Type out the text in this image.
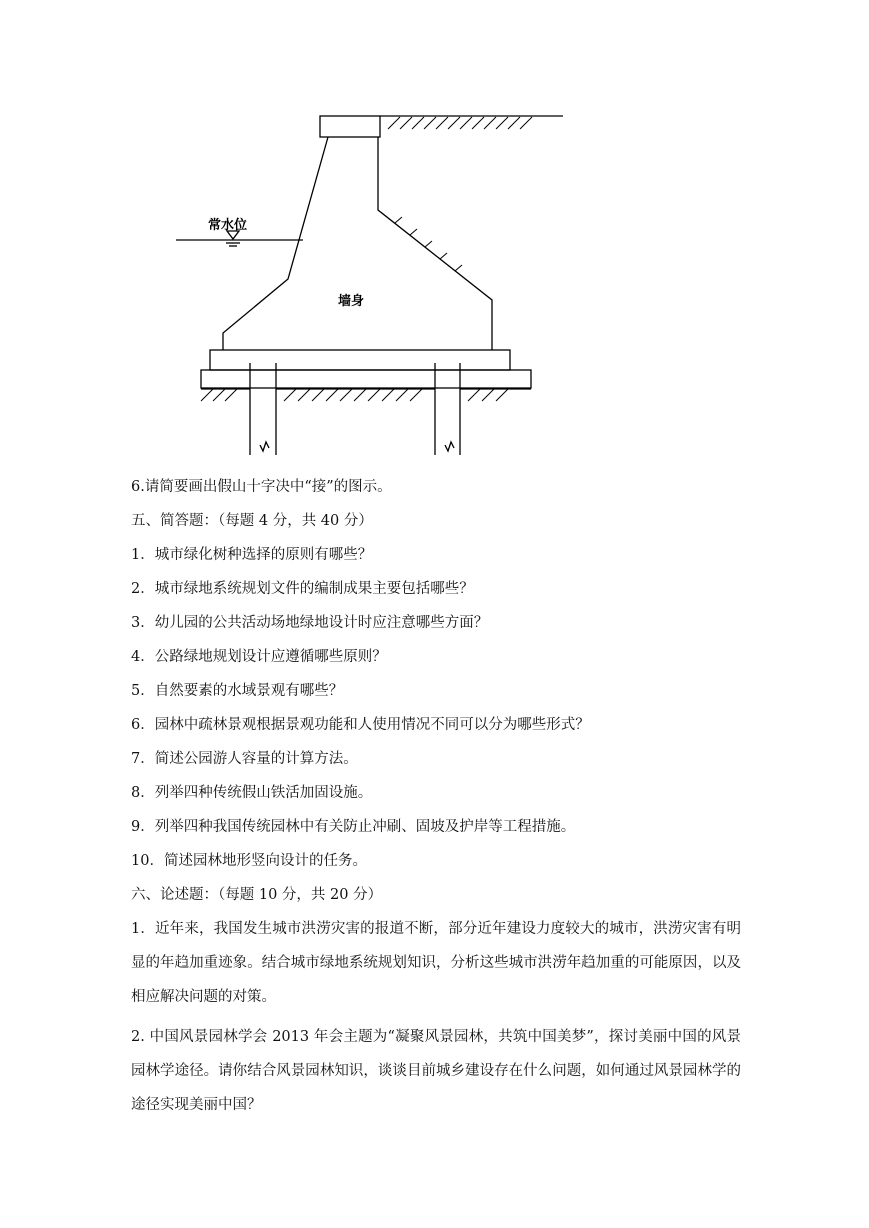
常水位
墙身
6.请简要画出假山十字决中“接”的图示。
五、简答题：（每题 4 分，共 40 分）
1．城市绿化树种选择的原则有哪些？
2．城市绿地系统规划文件的编制成果主要包括哪些？
3．幼儿园的公共活动场地绿地设计时应注意哪些方面？
4．公路绿地规划设计应遵循哪些原则？
5．自然要素的水域景观有哪些？
6．园林中疏林景观根据景观功能和人使用情况不同可以分为哪些形式？
7．简述公园游人容量的计算方法。
8．列举四种传统假山铁活加固设施。
9．列举四种我国传统园林中有关防止冲刷、固坡及护岸等工程措施。
10．简述园林地形竖向设计的任务。
六、论述题：（每题 10 分，共 20 分）
1．近年来，我国发生城市洪涝灾害的报道不断，部分近年建设力度较大的城市，洪涝灾害有明显的年趋加重迹象。结合城市绿地系统规划知识，分析这些城市洪涝年趋加重的可能原因，以及相应解决问题的对策。
2. 中国风景园林学会 2013 年会主题为“凝聚风景园林，共筑中国美梦”，探讨美丽中国的风景园林学途径。请你结合风景园林知识，谈谈目前城乡建设存在什么问题，如何通过风景园林学的途径实现美丽中国？
